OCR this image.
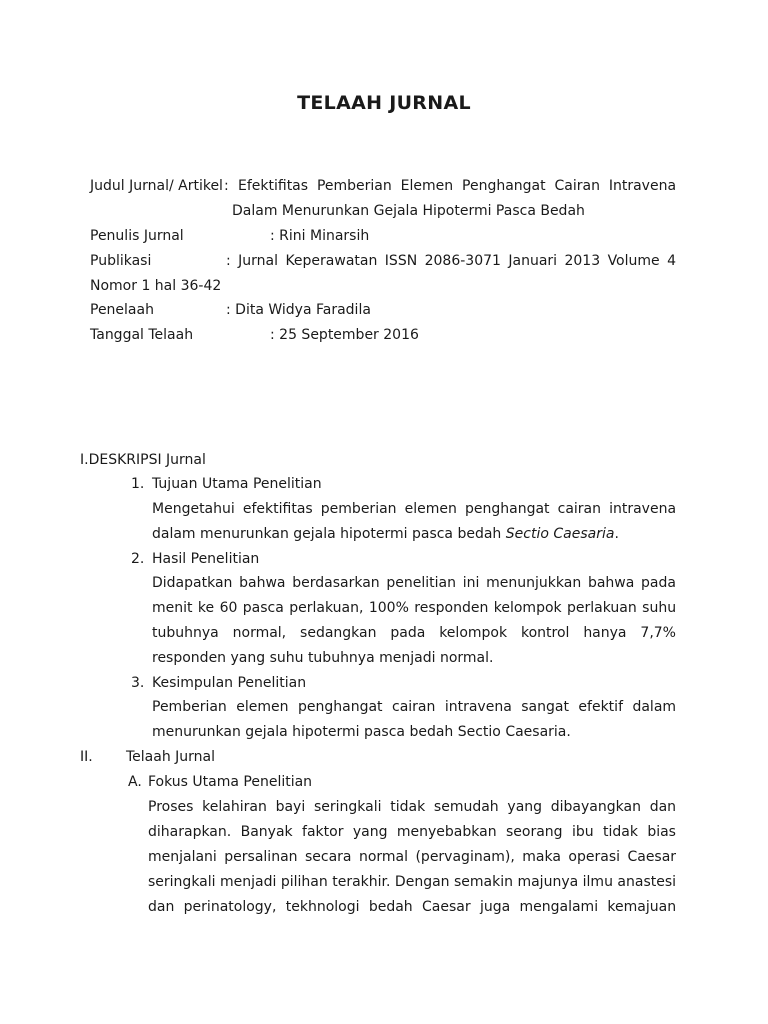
TELAAH JURNAL
Judul Jurnal/ Artikel : Efektifitas Pemberian Elemen Penghangat Cairan Intravena
Dalam Menurunkan Gejala Hipotermi Pasca Bedah
Penulis Jurnal	: Rini Minarsih
Publikasi	: Jurnal Keperawatan ISSN 2086-3071 Januari 2013 Volume 4
Nomor 1 hal 36-42
Penelaah	: Dita Widya Faradila
Tanggal Telaah	: 25 September 2016
I.DESKRIPSI Jurnal
1. Tujuan Utama Penelitian
Mengetahui efektifitas pemberian elemen penghangat cairan intravena
dalam menurunkan gejala hipotermi pasca bedah Sectio Caesaria.
2. Hasil Penelitian
Didapatkan bahwa berdasarkan penelitian ini menunjukkan bahwa pada
menit ke 60 pasca perlakuan, 100% responden kelompok perlakuan suhu
tubuhnya normal, sedangkan pada kelompok kontrol hanya 7,7%
responden yang suhu tubuhnya menjadi normal.
3. Kesimpulan Penelitian
Pemberian elemen penghangat cairan intravena sangat efektif dalam
menurunkan gejala hipotermi pasca bedah Sectio Caesaria.
II. Telaah Jurnal
A. Fokus Utama Penelitian
Proses kelahiran bayi seringkali tidak semudah yang dibayangkan dan
diharapkan. Banyak faktor yang menyebabkan seorang ibu tidak bias
menjalani persalinan secara normal (pervaginam), maka operasi Caesar
seringkali menjadi pilihan terakhir. Dengan semakin majunya ilmu anastesi
dan perinatology, tekhnologi bedah Caesar juga mengalami kemajuan
